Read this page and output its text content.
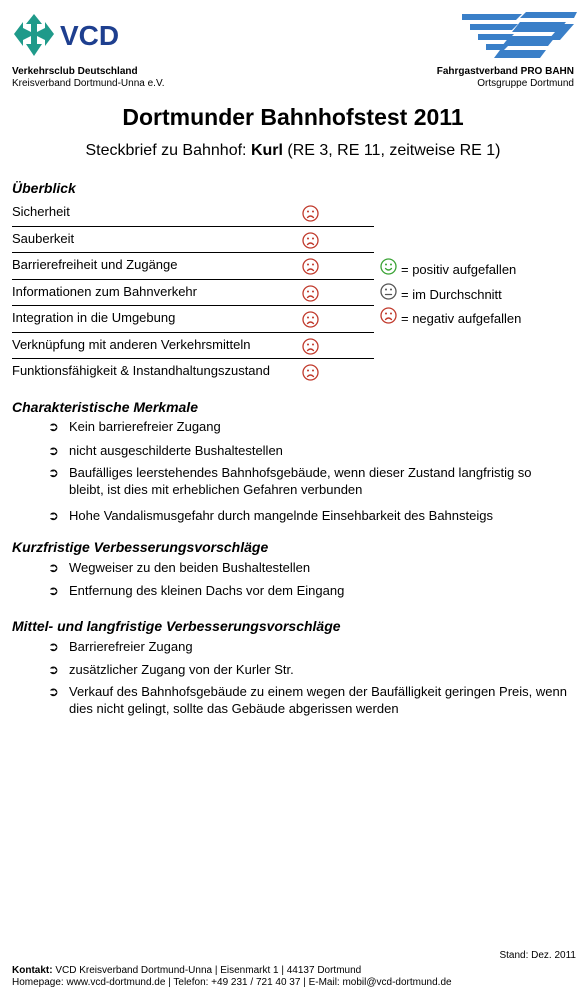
VCD
Verkehrsclub Deutschland
Kreisverband Dortmund-Unna e.V.
Fahrgastverband PRO BAHN
Ortsgruppe Dortmund
Dortmunder Bahnhofstest 2011
Steckbrief zu Bahnhof: Kurl (RE 3, RE 11, zeitweise RE 1)
Überblick
Sicherheit
Sauberkeit
Barrierefreiheit und Zugänge
Informationen zum Bahnverkehr
Integration in die Umgebung
Verknüpfung mit anderen Verkehrsmitteln
Funktionsfähigkeit & Instandhaltungszustand
= positiv aufgefallen
= im Durchschnitt
= negativ aufgefallen
Charakteristische Merkmale
➲ Kein barrierefreier Zugang
➲ nicht ausgeschilderte Bushaltestellen
➲ Baufälliges leerstehendes Bahnhofsgebäude, wenn dieser Zustand langfristig so bleibt, ist dies mit erheblichen Gefahren verbunden
➲ Hohe Vandalismusgefahr durch mangelnde Einsehbarkeit des Bahnsteigs
Kurzfristige Verbesserungsvorschläge
➲ Wegweiser zu den beiden Bushaltestellen
➲ Entfernung des kleinen Dachs vor dem Eingang
Mittel- und langfristige Verbesserungsvorschläge
➲ Barrierefreier Zugang
➲ zusätzlicher Zugang von der Kurler Str.
➲ Verkauf des Bahnhofsgebäude zu einem wegen der Baufälligkeit geringen Preis, wenn dies nicht gelingt, sollte das Gebäude abgerissen werden
Stand: Dez. 2011
Kontakt: VCD Kreisverband Dortmund-Unna | Eisenmarkt 1 | 44137 Dortmund
Homepage: www.vcd-dortmund.de | Telefon: +49 231 / 721 40 37 | E-Mail: mobil@vcd-dortmund.de
